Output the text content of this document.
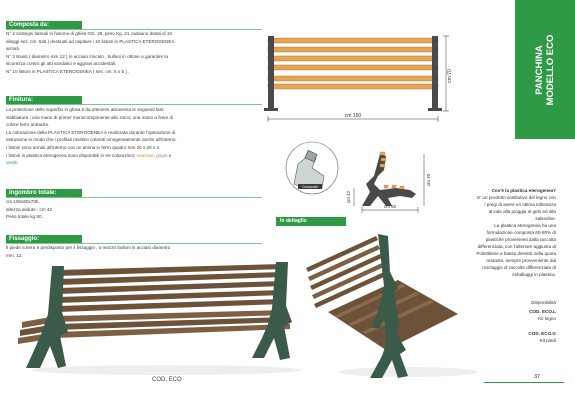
Composta da:
N° 2 sostegni laterali in fusione di ghisa GG. 25, peso Kg. 21 cadauno dotati di 10
alloggi sez. cm. 5x5 ) destinati ad ospitare i 10 listoni in PLASTICA ETEROGENEA
armati.
N° 3 tiranti ( diametro mm 12 ) in acciaio zincato , bulloni in ottone a garantire la
sicurezza contro gli atti vandalici e aggravi accidentali.
N° 10 listoni in PLASTICA ETEROGENEA ( sez. cm. 5 x 5 ) .
Finitura:
La protezione delle superfici in ghisa è da ottenersi attraverso le seguenti fasi:
Sabbiatura ; una mano di primer monocomponente allo zinco; una mano a finire di
colore ferro antracite.
La colorazione della PLASTICA ETEROGENEA è realizzata durante l'operazione di
estrusione in modo che i profilati risultino colorati omogeneamente anche all'interno.
I listoni sono armati all'interno con un anima in ferro quadro mm 20 x 20 x 2.
I listoni in plastica eterogenea sono disponibili in tre colorazioni: marrone, grigio e
verde.
Ingombro totale:
cm 150x60x70h.
altezza sedute : cm 42
Peso totale kg 80 .
Fissaggio:
Il piede a terra è predisposto per il fissaggio , a mezzo bulloni in acciaio diametro
mm. 12.
cm 70
cm 150
Comunale
cm 42
cm 70
cm 60
In dettaglio
PANCHINA MODELLO ECO
Cos'è la plastica eterogenea?
E' un prodotto sostitutivo del legno con
i pregi di avere un ottima tolleranza
al sole alla pioggia al gelo ed alla
salsedine.
La plastica eterogenea ha una
formulazione composta 60-80% di
plastiche provenienti dalla raccolta
differenziata, con l'ulteriore aggiunta di
Poliettilene a bassa densità nella quota
restante, sempre provveniente dal
riciclaggio di raccolte differenziate di
imballaggi in plastica.
Disponibilità
COD. ECO.L
Kit legno
COD. ECO.G
Kit piedi
COD. ECO	37
